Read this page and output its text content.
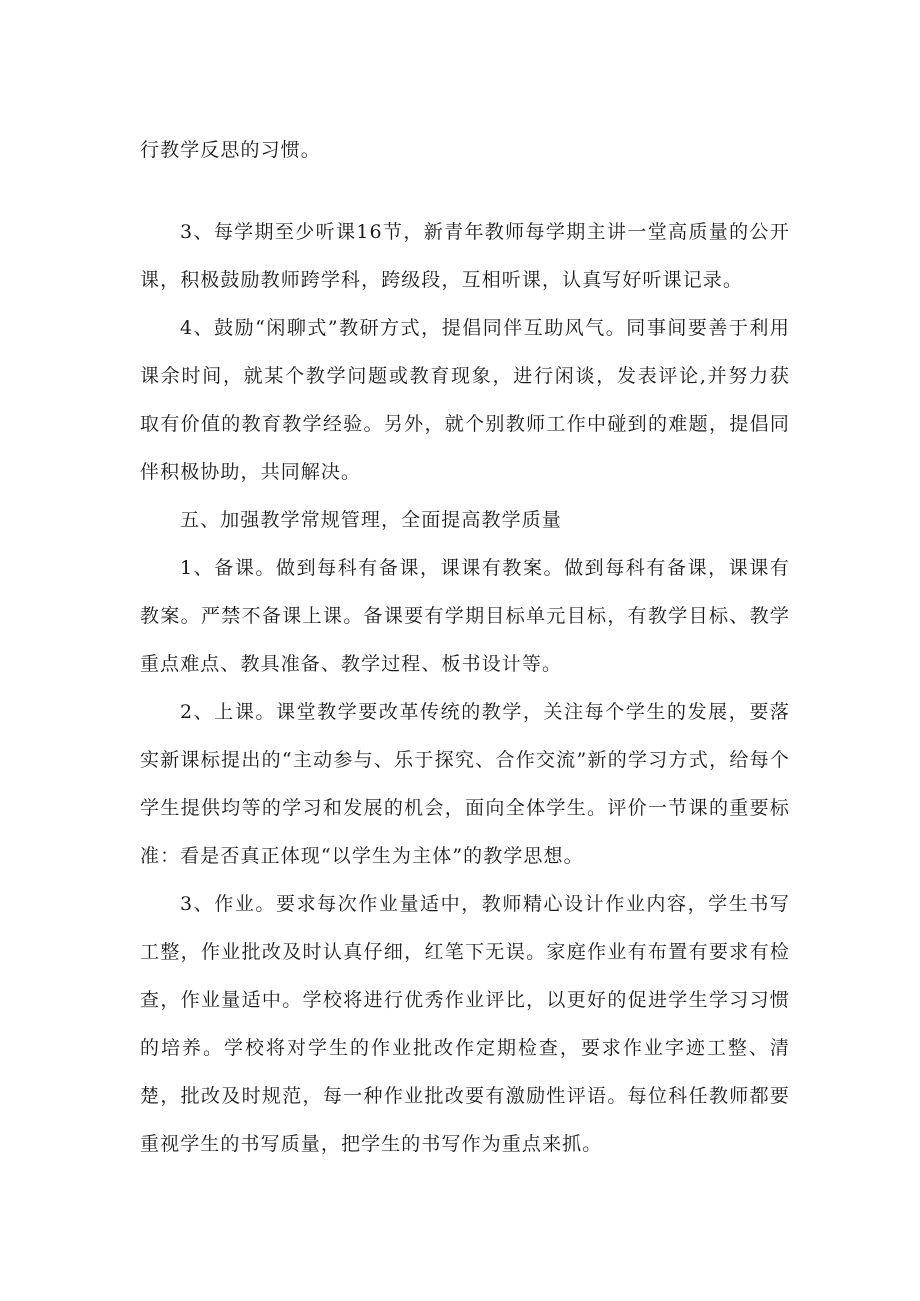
行教学反思的习惯。

3、每学期至少听课16节，新青年教师每学期主讲一堂高质量的公开课，积极鼓励教师跨学科，跨级段，互相听课，认真写好听课记录。

4、鼓励“闲聊式”教研方式，提倡同伴互助风气。同事间要善于利用课余时间，就某个教学问题或教育现象，进行闲谈，发表评论,并努力获取有价值的教育教学经验。另外，就个别教师工作中碰到的难题，提倡同伴积极协助，共同解决。

五、加强教学常规管理，全面提高教学质量

1、备课。做到每科有备课，课课有教案。做到每科有备课，课课有教案。严禁不备课上课。备课要有学期目标单元目标，有教学目标、教学重点难点、教具准备、教学过程、板书设计等。

2、上课。课堂教学要改革传统的教学，关注每个学生的发展，要落实新课标提出的“主动参与、乐于探究、合作交流”新的学习方式，给每个学生提供均等的学习和发展的机会，面向全体学生。评价一节课的重要标准：看是否真正体现“以学生为主体”的教学思想。

3、作业。要求每次作业量适中，教师精心设计作业内容，学生书写工整，作业批改及时认真仔细，红笔下无误。家庭作业有布置有要求有检查，作业量适中。学校将进行优秀作业评比，以更好的促进学生学习习惯的培养。学校将对学生的作业批改作定期检查，要求作业字迹工整、清楚，批改及时规范，每一种作业批改要有激励性评语。每位科任教师都要重视学生的书写质量，把学生的书写作为重点来抓。
